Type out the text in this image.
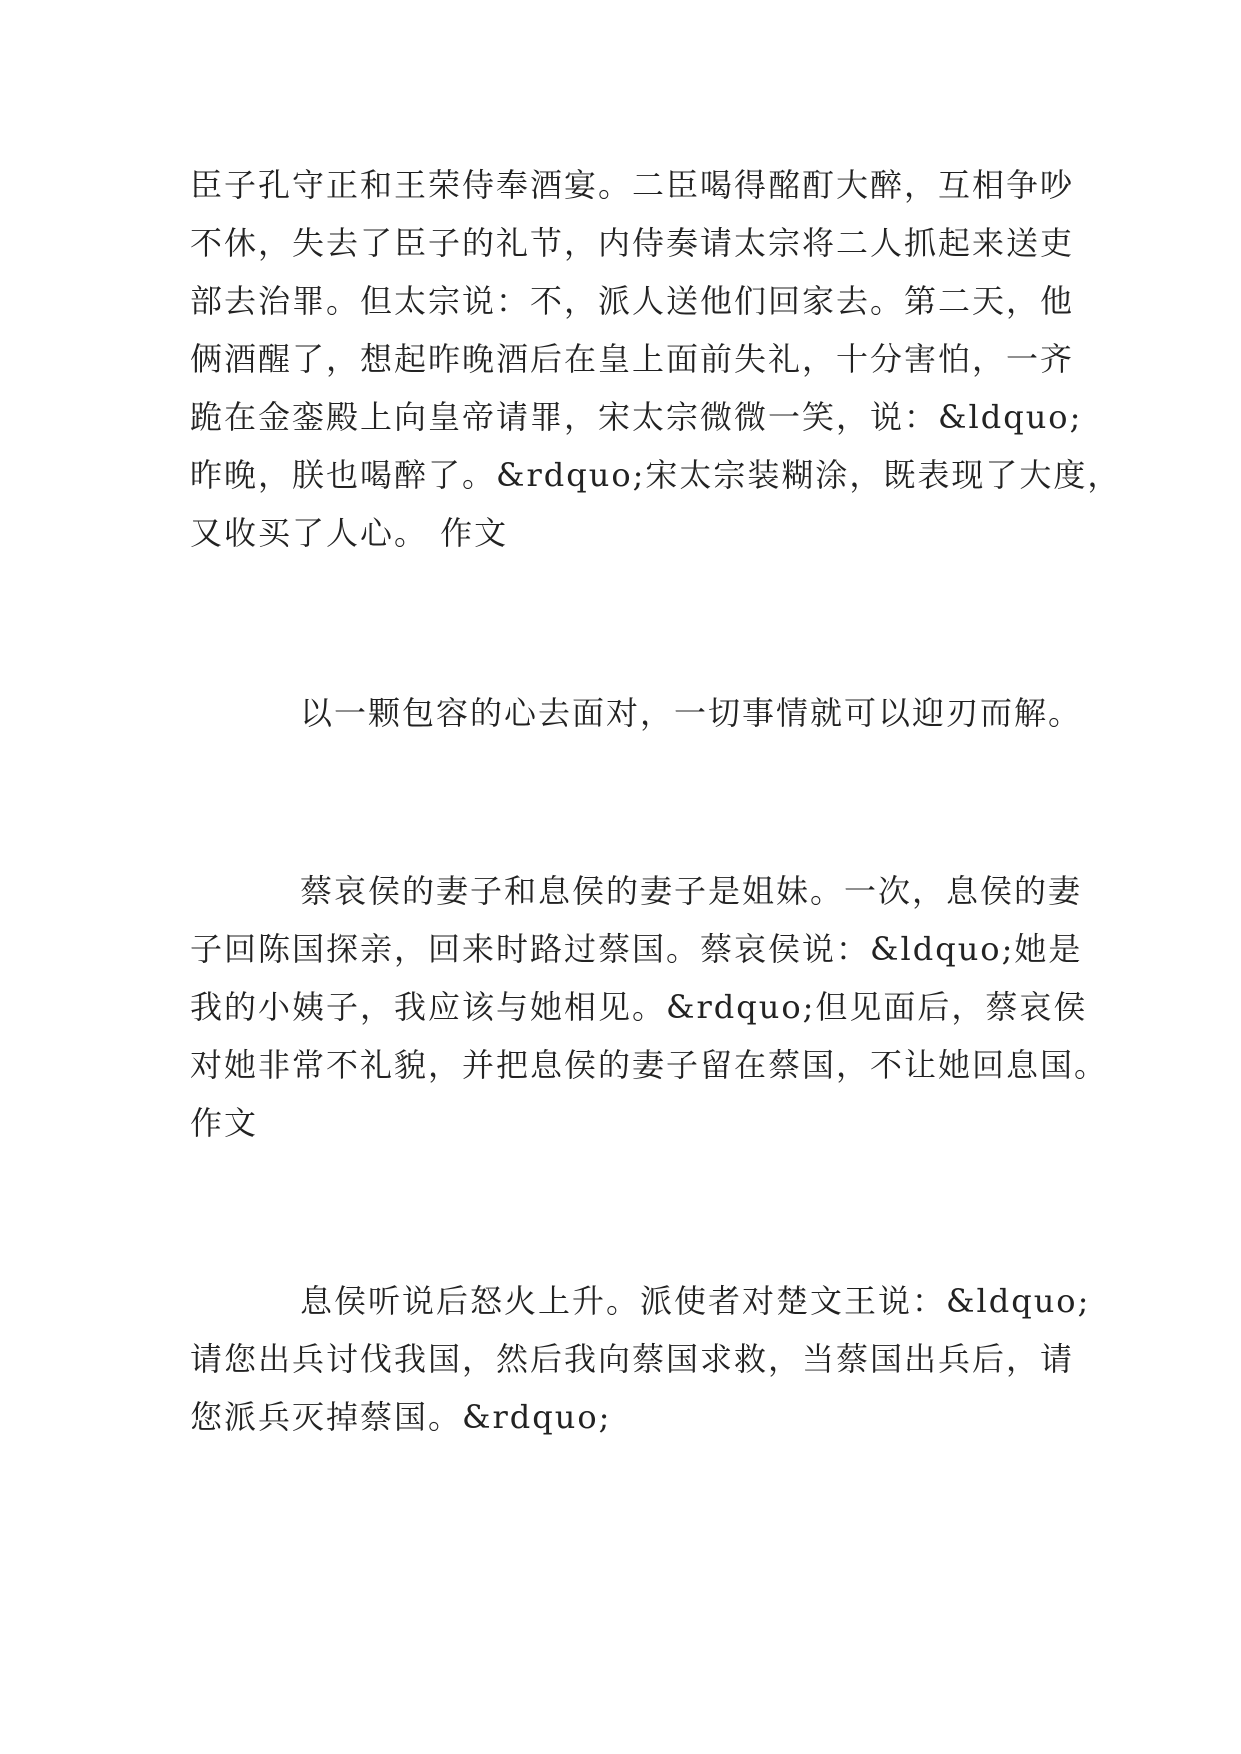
臣子孔守正和王荣侍奉酒宴。二臣喝得酩酊大醉，互相争吵
不休，失去了臣子的礼节，内侍奏请太宗将二人抓起来送吏
部去治罪。但太宗说：不，派人送他们回家去。第二天，他
俩酒醒了，想起昨晚酒后在皇上面前失礼，十分害怕，一齐
跪在金銮殿上向皇帝请罪，宋太宗微微一笑，说：&ldquo;
昨晚，朕也喝醉了。&rdquo;宋太宗装糊涂，既表现了大度，
又收买了人心。 作文

以一颗包容的心去面对，一切事情就可以迎刃而解。

蔡哀侯的妻子和息侯的妻子是姐妹。一次，息侯的妻
子回陈国探亲，回来时路过蔡国。蔡哀侯说：&ldquo;她是
我的小姨子，我应该与她相见。&rdquo;但见面后，蔡哀侯
对她非常不礼貌，并把息侯的妻子留在蔡国，不让她回息国。
作文

息侯听说后怒火上升。派使者对楚文王说：&ldquo;
请您出兵讨伐我国，然后我向蔡国求救，当蔡国出兵后，请
您派兵灭掉蔡国。&rdquo;
